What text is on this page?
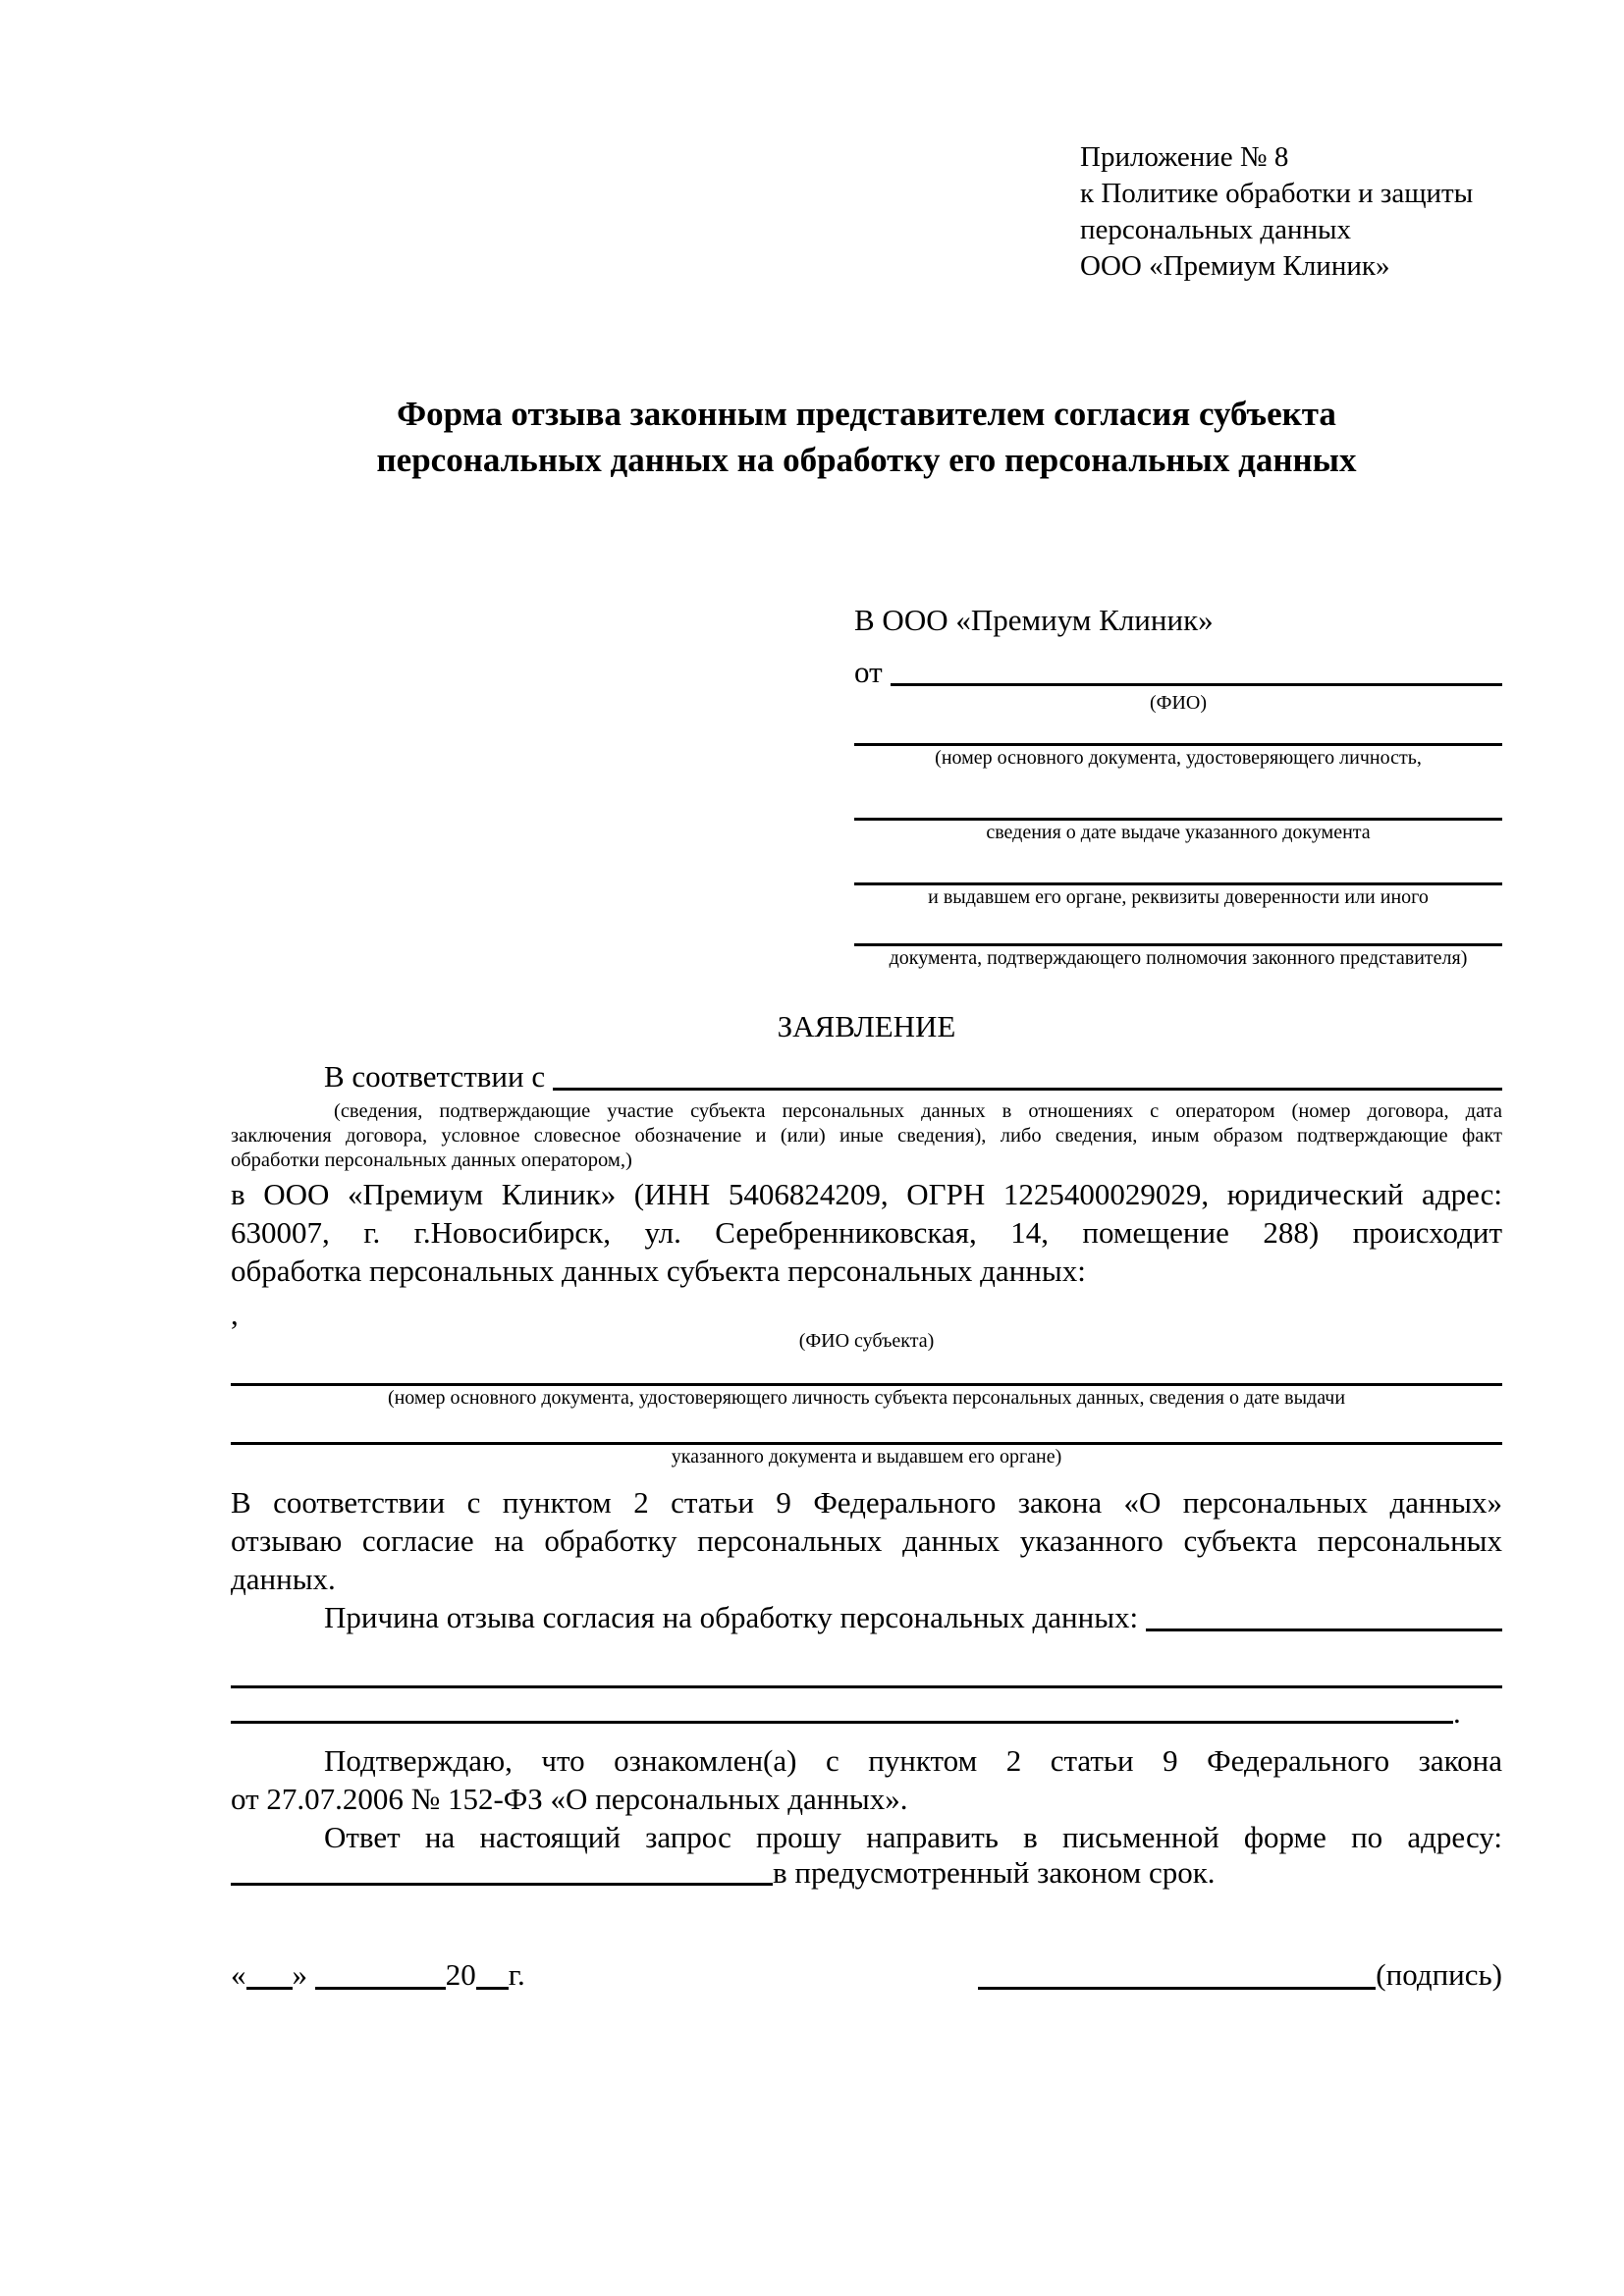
Приложение № 8
к Политике обработки и защиты
персональных данных
ООО «Премиум Клиник»
Форма отзыва законным представителем согласия субъекта
персональных данных на обработку его персональных данных
В ООО «Премиум Клиник»
от
(ФИО)
(номер основного документа, удостоверяющего личность,
сведения о дате выдаче указанного документа
и выдавшем его органе, реквизиты доверенности или иного
документа, подтверждающего полномочия законного представителя)
ЗАЯВЛЕНИЕ
В соответствии с
(сведения, подтверждающие участие субъекта персональных данных в отношениях с оператором (номер договора, дата
заключения договора, условное словесное обозначение и (или) иные сведения), либо сведения, иным образом подтверждающие факт
обработки персональных данных оператором,)
в ООО «Премиум Клиник» (ИНН 5406824209, ОГРН 1225400029029, юридический адрес:
630007, г. г.Новосибирск, ул. Серебренниковская, 14, помещение 288) происходит
обработка персональных данных субъекта персональных данных:
,
(ФИО субъекта)
(номер основного документа, удостоверяющего личность субъекта персональных данных, сведения о дате выдачи
указанного документа и выдавшем его органе)
В соответствии с пунктом 2 статьи 9 Федерального закона «О персональных данных»
отзываю согласие на обработку персональных данных указанного субъекта персональных
данных.
Причина отзыва согласия на обработку персональных данных:
.
Подтверждаю, что ознакомлен(а) с пунктом 2 статьи 9 Федерального закона
от 27.07.2006 № 152-ФЗ «О персональных данных».
Ответ на настоящий запрос прошу направить в письменной форме по адресу:
в предусмотренный законом срок.
« »	20 г.	(подпись)
